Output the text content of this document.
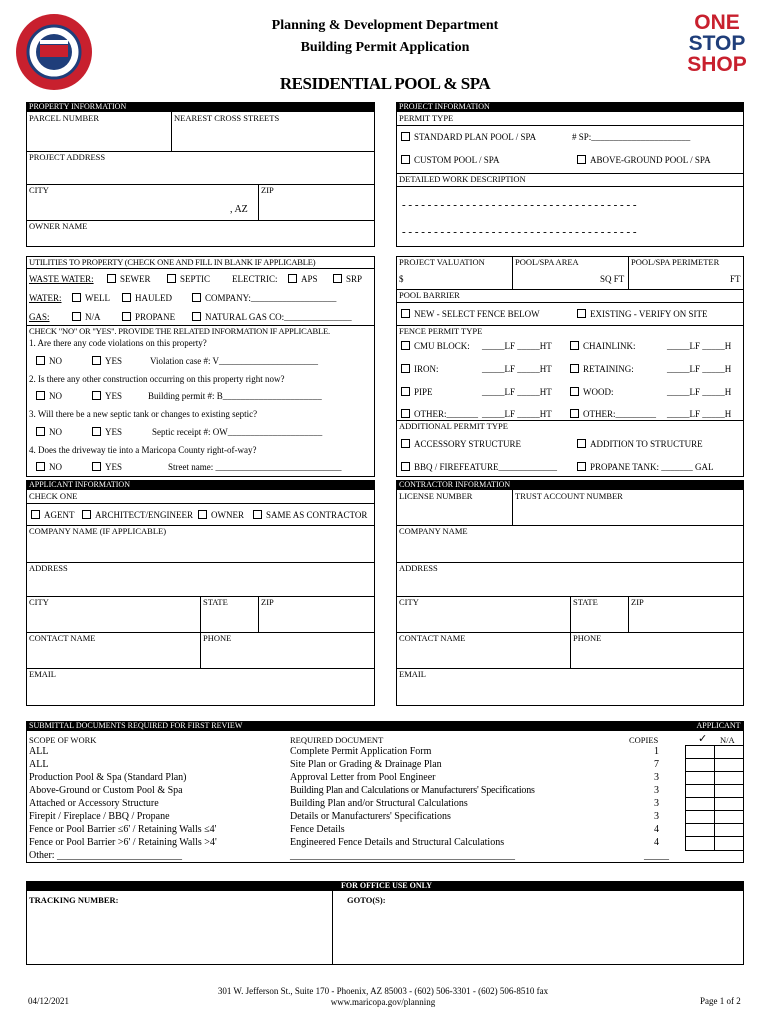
Planning & Development Department
Building Permit Application
RESIDENTIAL POOL & SPA
ONE
STOP
SHOP
PROPERTY INFORMATION
PARCEL NUMBER	NEAREST CROSS STREETS
PROJECT ADDRESS
CITY	ZIP
, AZ
OWNER NAME
PROJECT INFORMATION
PERMIT TYPE
STANDARD PLAN POOL / SPA	# SP:______________________
CUSTOM POOL / SPA	ABOVE-GROUND POOL / SPA
DETAILED WORK DESCRIPTION
- - - - - - - - - - - - - - - - - - - - - - - - - - - - - - - - - - - - -
- - - - - - - - - - - - - - - - - - - - - - - - - - - - - - - - - - - - -
UTILITIES TO PROPERTY (CHECK ONE AND FILL IN BLANK IF APPLICABLE)
WASTE WATER:	SEWER	SEPTIC ELECTRIC:	APS	SRP
WATER:	WELL	HAULED	COMPANY:___________________
GAS:	N/A	PROPANE	NATURAL GAS CO:_______________
CHECK "NO" OR "YES". PROVIDE THE RELATED INFORMATION IF APPLICABLE.
1. Are there any code violations on this property?
NO	YES	Violation case #: V______________________
2. Is there any other construction occurring on this property right now?
NO	YES	Building permit #: B______________________
3. Will there be a new septic tank or changes to existing septic?
NO	YES	Septic receipt #: OW_____________________
4. Does the driveway tie into a Maricopa County right-of-way?
NO	YES	Street name: ____________________________
PROJECT VALUATION	POOL/SPA AREA	POOL/SPA PERIMETER
$	SQ FT	FT
POOL BARRIER
NEW - SELECT FENCE BELOW	EXISTING - VERIFY ON SITE
FENCE PERMIT TYPE
CMU BLOCK: _____LF _____HT	CHAINLINK:	_____LF _____H
IRON:	_____LF _____HT	RETAINING:	_____LF _____H
PIPE	_____LF _____HT	WOOD:	_____LF _____H
OTHER:_______ _____LF _____HT	OTHER:_________ _____LF _____H
ADDITIONAL PERMIT TYPE
ACCESSORY STRUCTURE	ADDITION TO STRUCTURE
BBQ / FIREFEATURE_____________	PROPANE TANK: _______ GAL
APPLICANT INFORMATION
CHECK ONE
AGENT	ARCHITECT/ENGINEER	OWNER	SAME AS CONTRACTOR
COMPANY NAME (IF APPLICABLE)
ADDRESS
CITY	STATE	ZIP
CONTACT NAME	PHONE
EMAIL
CONTRACTOR INFORMATION
LICENSE NUMBER	TRUST ACCOUNT NUMBER
COMPANY NAME
ADDRESS
CITY	STATE	ZIP
CONTACT NAME	PHONE
EMAIL
SUBMITTAL DOCUMENTS REQUIRED FOR FIRST REVIEW	APPLICANT
SCOPE OF WORK	REQUIRED DOCUMENT	COPIES	✓ N/A
ALL	Complete Permit Application Form	1
ALL	Site Plan or Grading & Drainage Plan	7
Production Pool & Spa (Standard Plan)	Approval Letter from Pool Engineer	3
Above-Ground or Custom Pool & Spa	Building Plan and Calculations or Manufacturers' Specifications	3
Attached or Accessory Structure	Building Plan and/or Structural Calculations	3
Firepit / Fireplace / BBQ / Propane	Details or Manufacturers' Specifications	3
Fence or Pool Barrier ≤6' / Retaining Walls ≤4'	Fence Details	4
Fence or Pool Barrier >6' / Retaining Walls >4'	Engineered Fence Details and Structural Calculations	4
Other: _________________________	_____________________________________________	_____
FOR OFFICE USE ONLY
TRACKING NUMBER:	GOTO(S):
04/12/2021
301 W. Jefferson St., Suite 170 - Phoenix, AZ 85003 - (602) 506-3301 - (602) 506-8510 fax
www.maricopa.gov/planning	Page 1 of 2
